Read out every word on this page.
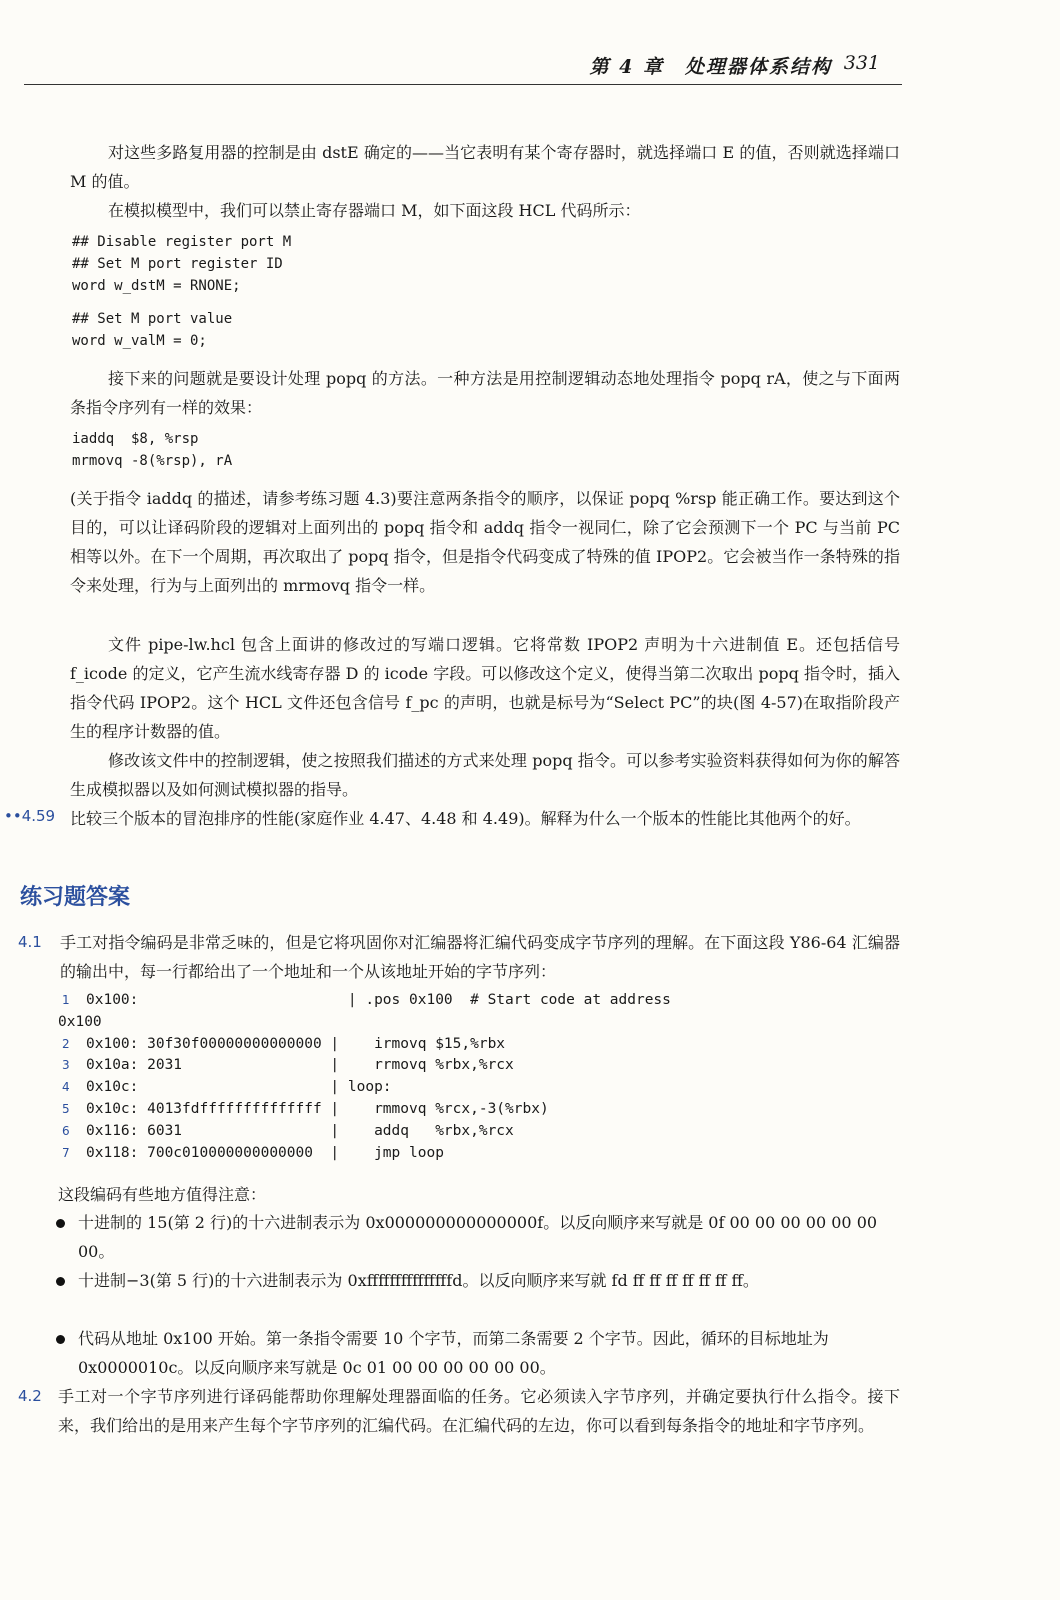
第 4 章　处理器体系结构 331
对这些多路复用器的控制是由 dstE 确定的——当它表明有某个寄存器时，就选择端口 E 的值，否则就选择端口 M 的值。
在模拟模型中，我们可以禁止寄存器端口 M，如下面这段 HCL 代码所示：
## Disable register port M
## Set M port register ID
word w_dstM = RNONE;
## Set M port value
word w_valM = 0;
接下来的问题就是要设计处理 popq 的方法。一种方法是用控制逻辑动态地处理指令 popq rA，使之与下面两条指令序列有一样的效果：
iaddq  $8, %rsp
mrmovq -8(%rsp), rA
(关于指令 iaddq 的描述，请参考练习题 4.3)要注意两条指令的顺序，以保证 popq %rsp 能正确工作。要达到这个目的，可以让译码阶段的逻辑对上面列出的 popq 指令和 addq 指令一视同仁，除了它会预测下一个 PC 与当前 PC 相等以外。在下一个周期，再次取出了 popq 指令，但是指令代码变成了特殊的值 IPOP2。它会被当作一条特殊的指令来处理，行为与上面列出的 mrmovq 指令一样。
文件 pipe-lw.hcl 包含上面讲的修改过的写端口逻辑。它将常数 IPOP2 声明为十六进制值 E。还包括信号 f_icode 的定义，它产生流水线寄存器 D 的 icode 字段。可以修改这个定义，使得当第二次取出 popq 指令时，插入指令代码 IPOP2。这个 HCL 文件还包含信号 f_pc 的声明，也就是标号为“Select PC”的块(图 4-57)在取指阶段产生的程序计数器的值。
修改该文件中的控制逻辑，使之按照我们描述的方式来处理 popq 指令。可以参考实验资料获得如何为你的解答生成模拟器以及如何测试模拟器的指导。
••4.59 比较三个版本的冒泡排序的性能(家庭作业 4.47、4.48 和 4.49)。解释为什么一个版本的性能比其他两个的好。
练习题答案
4.1 手工对指令编码是非常乏味的，但是它将巩固你对汇编器将汇编代码变成字节序列的理解。在下面这段 Y86-64 汇编器的输出中，每一行都给出了一个地址和一个从该地址开始的字节序列：
1 0x100:                        | .pos 0x100  # Start code at address
0x100
2 0x100: 30f30f00000000000000 |    irmovq $15,%rbx
3 0x10a: 2031                 |    rrmovq %rbx,%rcx
4 0x10c:                      | loop:
5 0x10c: 4013fdffffffffffffff |    rmmovq %rcx,-3(%rbx)
6 0x116: 6031                 |    addq   %rbx,%rcx
7 0x118: 700c010000000000000  |    jmp loop
这段编码有些地方值得注意：
十进制的 15(第 2 行)的十六进制表示为 0x000000000000000f。以反向顺序来写就是 0f 00 00 00 00 00 00 00。
十进制−3(第 5 行)的十六进制表示为 0xfffffffffffffffd。以反向顺序来写就 fd ff ff ff ff ff ff ff。
代码从地址 0x100 开始。第一条指令需要 10 个字节，而第二条需要 2 个字节。因此，循环的目标地址为 0x0000010c。以反向顺序来写就是 0c 01 00 00 00 00 00 00。
4.2 手工对一个字节序列进行译码能帮助你理解处理器面临的任务。它必须读入字节序列，并确定要执行什么指令。接下来，我们给出的是用来产生每个字节序列的汇编代码。在汇编代码的左边，你可以看到每条指令的地址和字节序列。
